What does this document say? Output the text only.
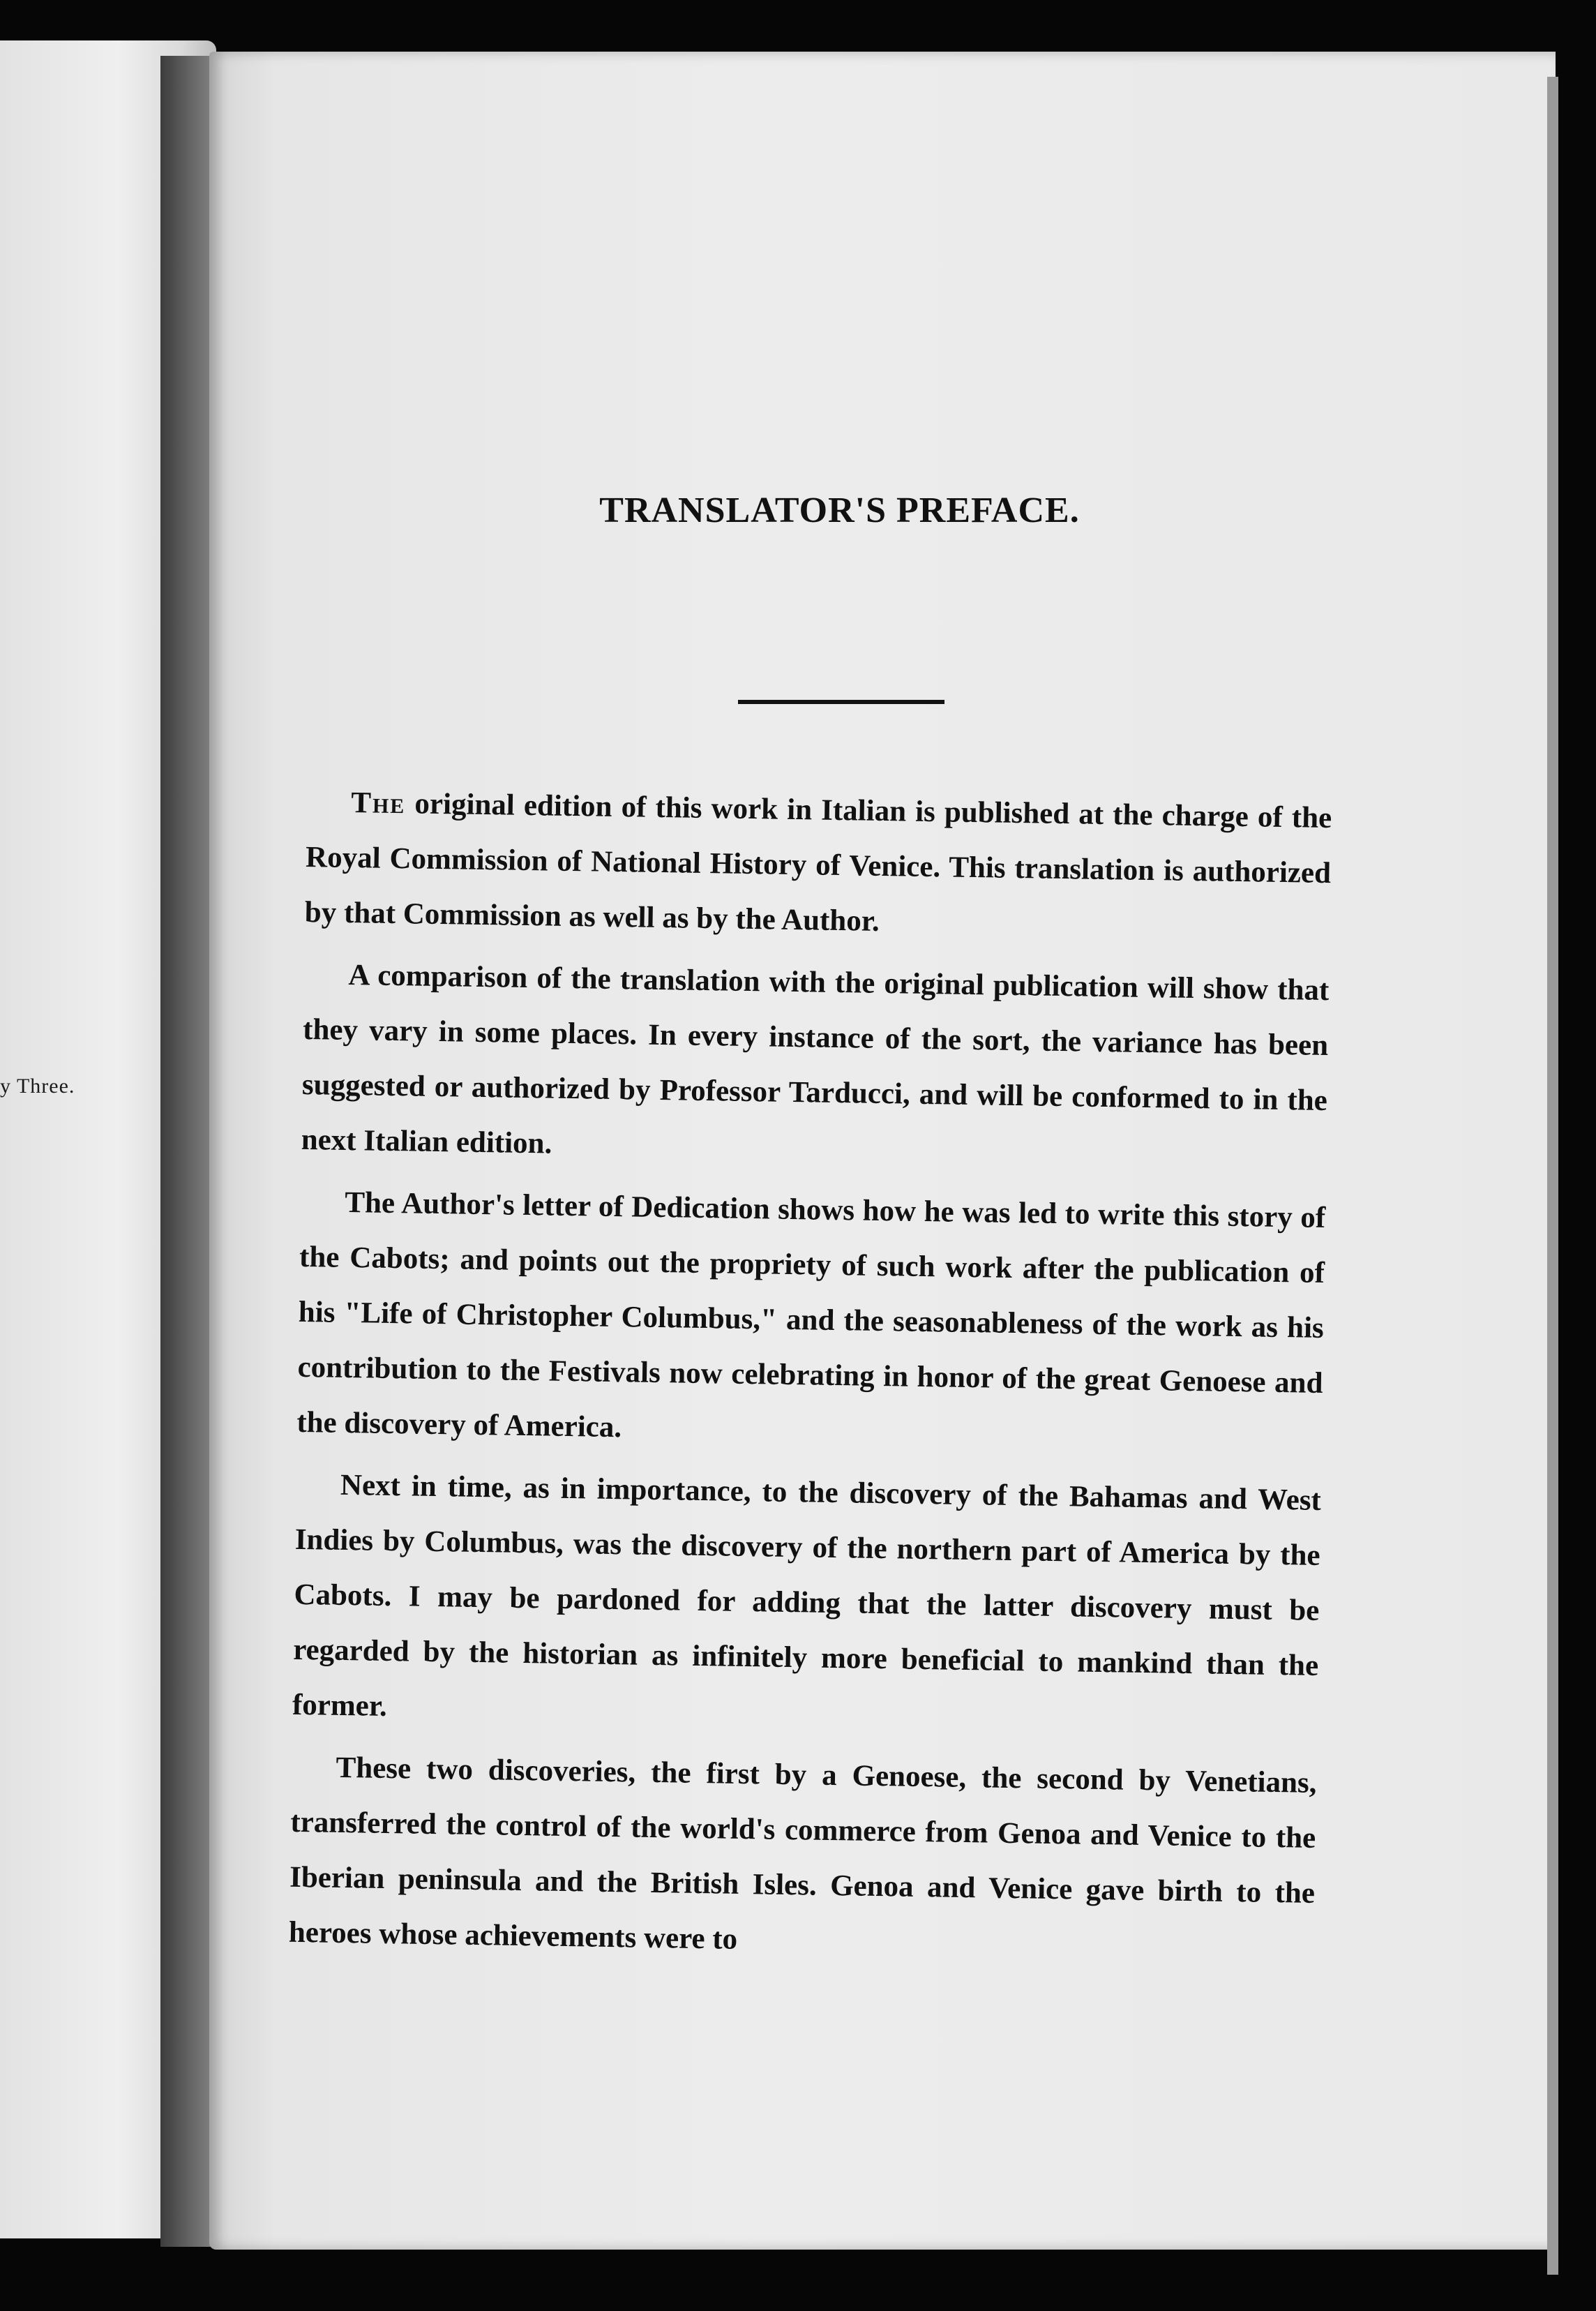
y Three.
TRANSLATOR'S PREFACE.

The original edition of this work in Italian is published at the charge of the Royal Commission of National History of Venice. This translation is authorized by that Commission as well as by the Author.

A comparison of the translation with the original publication will show that they vary in some places. In every instance of the sort, the variance has been suggested or authorized by Professor Tarducci, and will be conformed to in the next Italian edition.

The Author's letter of Dedication shows how he was led to write this story of the Cabots; and points out the propriety of such work after the publication of his "Life of Christopher Columbus," and the seasonableness of the work as his contribution to the Festivals now celebrating in honor of the great Genoese and the discovery of America.

Next in time, as in importance, to the discovery of the Bahamas and West Indies by Columbus, was the discovery of the northern part of America by the Cabots. I may be pardoned for adding that the latter discovery must be regarded by the historian as infinitely more beneficial to mankind than the former.

These two discoveries, the first by a Genoese, the second by Venetians, transferred the control of the world's commerce from Genoa and Venice to the Iberian peninsula and the British Isles. Genoa and Venice gave birth to the heroes whose achievements were to
